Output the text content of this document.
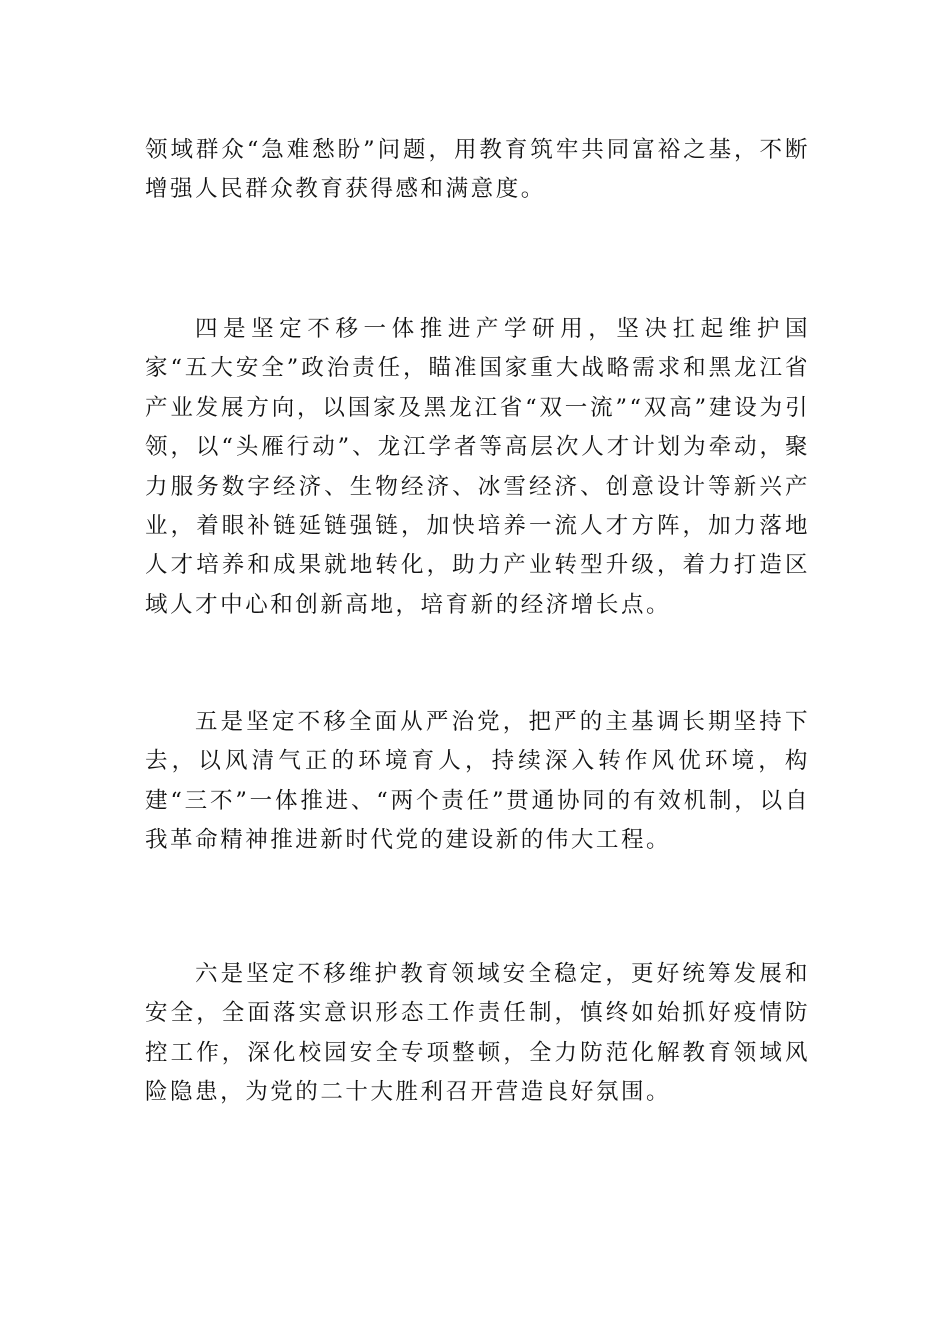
领域群众“急难愁盼”问题，用教育筑牢共同富裕之基，不断增强人民群众教育获得感和满意度。

四是坚定不移一体推进产学研用，坚决扛起维护国家“五大安全”政治责任，瞄准国家重大战略需求和黑龙江省产业发展方向，以国家及黑龙江省“双一流”“双高”建设为引领，以“头雁行动”、龙江学者等高层次人才计划为牵动，聚力服务数字经济、生物经济、冰雪经济、创意设计等新兴产业，着眼补链延链强链，加快培养一流人才方阵，加力落地人才培养和成果就地转化，助力产业转型升级，着力打造区域人才中心和创新高地，培育新的经济增长点。

五是坚定不移全面从严治党，把严的主基调长期坚持下去，以风清气正的环境育人，持续深入转作风优环境，构建“三不”一体推进、“两个责任”贯通协同的有效机制，以自我革命精神推进新时代党的建设新的伟大工程。

六是坚定不移维护教育领域安全稳定，更好统筹发展和安全，全面落实意识形态工作责任制，慎终如始抓好疫情防控工作，深化校园安全专项整顿，全力防范化解教育领域风险隐患，为党的二十大胜利召开营造良好氛围。
